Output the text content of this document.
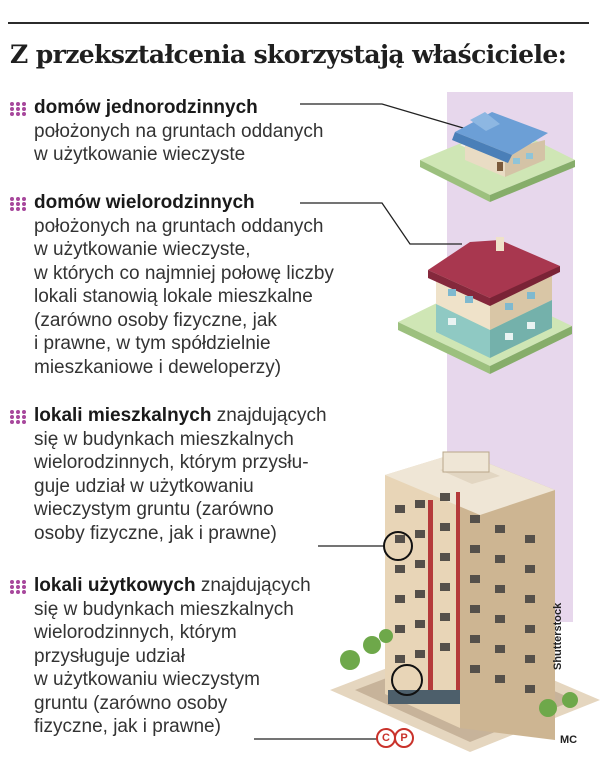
Z przekształcenia skorzystają właściciele:
domów jednorodzinnych
położonych na gruntach oddanych
w użytkowanie wieczyste
domów wielorodzinnych
położonych na gruntach oddanych
w użytkowanie wieczyste,
w których co najmniej połowę liczby
lokali stanowią lokale mieszkalne
(zarówno osoby fizyczne, jak
i prawne, w tym spółdzielnie
mieszkaniowe i deweloperzy)
lokali mieszkalnych znajdujących
się w budynkach mieszkalnych
wielorodzinnych, którym przysłu-
guje udział w użytkowaniu
wieczystym gruntu (zarówno
osoby fizyczne, jak i prawne)
lokali użytkowych znajdujących
się w budynkach mieszkalnych
wielorodzinnych, którym
przysługuje udział
w użytkowaniu wieczystym
gruntu (zarówno osoby
fizyczne, jak i prawne)
Shutterstock
C P	MC
